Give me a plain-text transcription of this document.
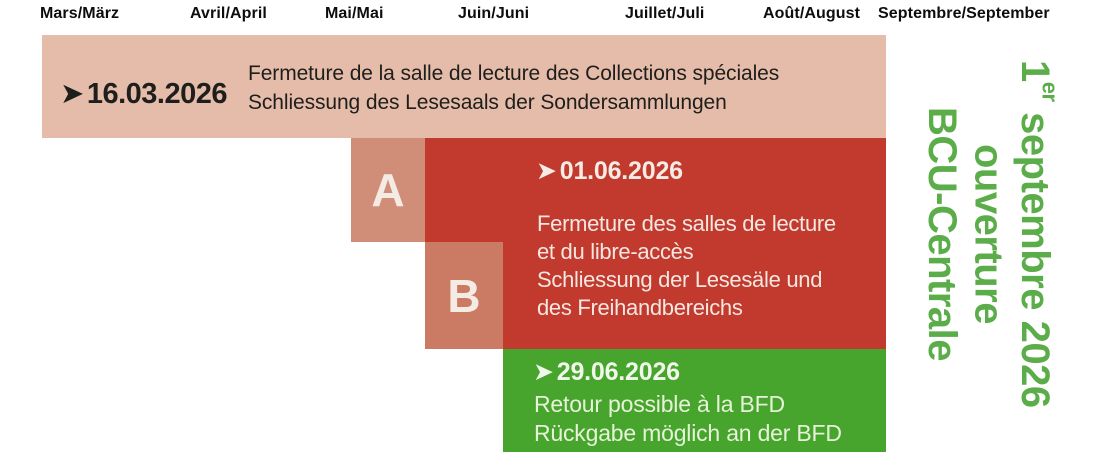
Mars/März	Avril/April	Mai/Mai	Juin/Juni	Juillet/Juli	Août/August Septembre/September
➤ 16.03.2026
Fermeture de la salle de lecture des Collections spéciales
Schliessung des Lesesaals der Sondersammlungen
➤ 01.06.2026
Fermeture des salles de lecture
et du libre-accès
Schliessung der Lesesäle und
des Freihandbereichs
A
B
➤ 29.06.2026
Retour possible à la BFD
Rückgabe möglich an der BFD
1er septembre 2026
ouverture
BCU-Centrale
